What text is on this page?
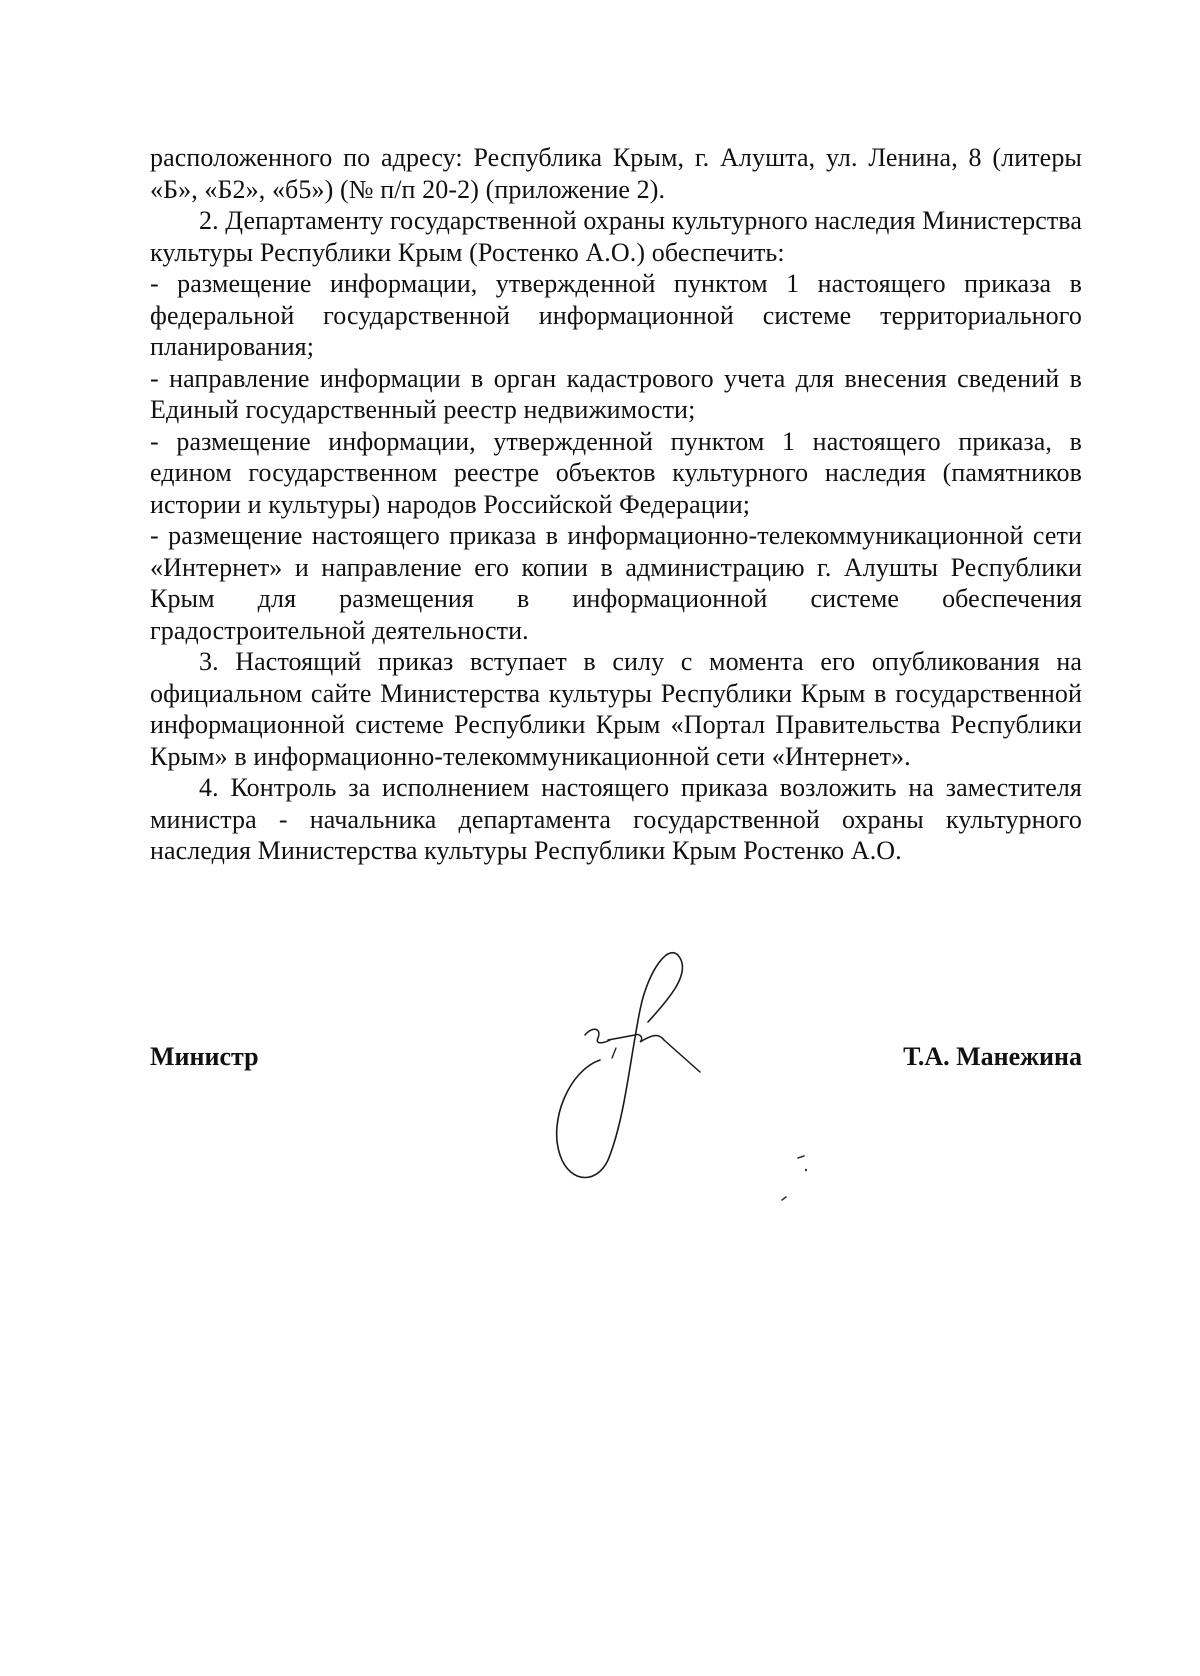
расположенного по адресу: Республика Крым, г. Алушта, ул. Ленина, 8 (литеры «Б», «Б2», «б5») (№ п/п 20-2) (приложение 2).

2. Департаменту государственной охраны культурного наследия Министерства культуры Республики Крым (Ростенко А.О.) обеспечить:

- размещение информации, утвержденной пунктом 1 настоящего приказа в федеральной государственной информационной системе территориального планирования;

- направление информации в орган кадастрового учета для внесения сведений в Единый государственный реестр недвижимости;

- размещение информации, утвержденной пунктом 1 настоящего приказа, в едином государственном реестре объектов культурного наследия (памятников истории и культуры) народов Российской Федерации;

- размещение настоящего приказа в информационно-телекоммуникационной сети «Интернет» и направление его копии в администрацию г. Алушты Республики Крым для размещения в информационной системе обеспечения градостроительной деятельности.

3. Настоящий приказ вступает в силу с момента его опубликования на официальном сайте Министерства культуры Республики Крым в государственной информационной системе Республики Крым «Портал Правительства Республики Крым» в информационно-телекоммуникационной сети «Интернет».

4. Контроль за исполнением настоящего приказа возложить на заместителя министра - начальника департамента государственной охраны культурного наследия Министерства культуры Республики Крым Ростенко А.О.

Министр	Т.А. Манежина
